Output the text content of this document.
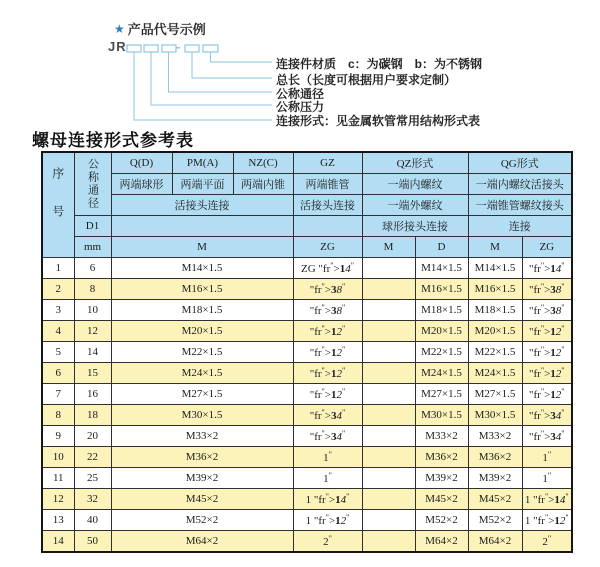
★ 产品代号示例
JR	-
连接件材质　c：为碳钢　b：为不锈钢
总长（长度可根据用户要求定制）
公称通径
公称压力
连接形式：见金属软管常用结构形式表
螺母连接形式参考表
序号	公称通径	Q(D)	PM(A)	NZ(C)	GZ	QZ形式		QG形式	
		两端球形	两端平面	两端内锥	两端锥管	一端内螺纹		一端内螺纹活接头	
		活接头连接			活接头连接	一端外螺纹		一端锥管螺纹接头	
	D1					球形接头连接		连接	
	mm	M			ZG	M	D	M	ZG
1	6	M14×1.5			ZG "fr">14"		M14×1.5	M14×1.5	"fr">14"
2	8	M16×1.5			"fr">38"		M16×1.5	M16×1.5	"fr">38"
3	10	M18×1.5			"fr">38"		M18×1.5	M18×1.5	"fr">38"
4	12	M20×1.5			"fr">12"		M20×1.5	M20×1.5	"fr">12"
5	14	M22×1.5			"fr">12"		M22×1.5	M22×1.5	"fr">12"
6	15	M24×1.5			"fr">12"		M24×1.5	M24×1.5	"fr">12"
7	16	M27×1.5			"fr">12"		M27×1.5	M27×1.5	"fr">12"
8	18	M30×1.5			"fr">34"		M30×1.5	M30×1.5	"fr">34"
9	20	M33×2			"fr">34"		M33×2	M33×2	"fr">34"
10	22	M36×2			1"		M36×2	M36×2	1"
11	25	M39×2			1"		M39×2	M39×2	1"
12	32	M45×2			1 "fr">14"		M45×2	M45×2	1 "fr">14"
13	40	M52×2			1 "fr">12"		M52×2	M52×2	1 "fr">12"
14	50	M64×2			2"		M64×2	M64×2	2"
